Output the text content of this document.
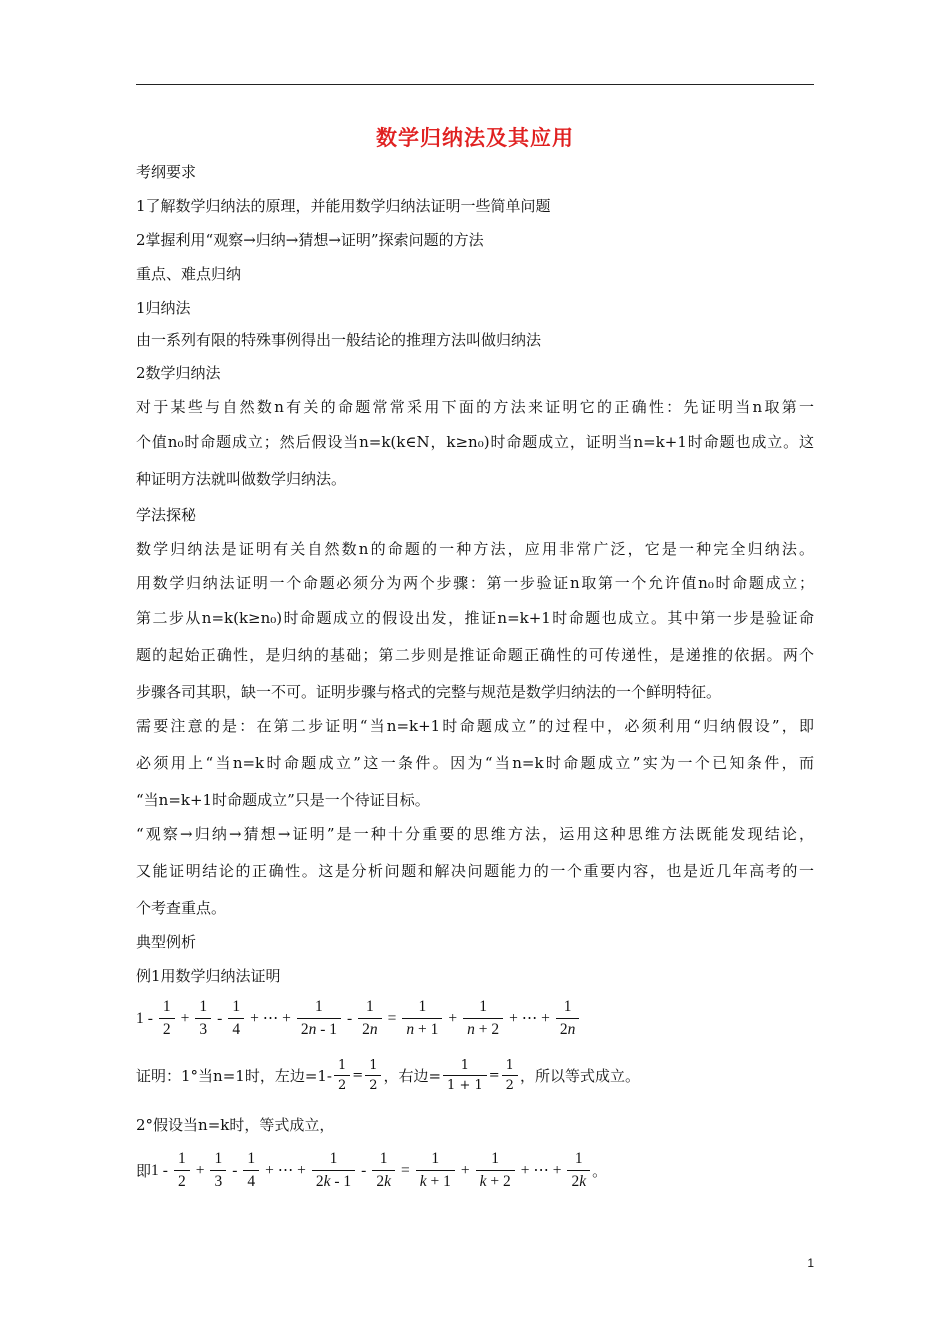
数学归纳法及其应用
考纲要求
1了解数学归纳法的原理，并能用数学归纳法证明一些简单问题
2掌握利用“观察→归纳→猜想→证明”探索问题的方法
重点、难点归纳
1归纳法
由一系列有限的特殊事例得出一般结论的推理方法叫做归纳法
2数学归纳法
对于某些与自然数n有关的命题常常采用下面的方法来证明它的正确性：先证明当n取第一
个值n₀时命题成立；然后假设当n=k(k∈N，k≥n₀)时命题成立，证明当n=k+1时命题也成立。这
种证明方法就叫做数学归纳法。
学法探秘
数学归纳法是证明有关自然数n的命题的一种方法，应用非常广泛，它是一种完全归纳法。
用数学归纳法证明一个命题必须分为两个步骤：第一步验证n取第一个允许值n₀时命题成立；
第二步从n=k(k≥n₀)时命题成立的假设出发，推证n=k+1时命题也成立。其中第一步是验证命
题的起始正确性，是归纳的基础；第二步则是推证命题正确性的可传递性，是递推的依据。两个
步骤各司其职，缺一不可。证明步骤与格式的完整与规范是数学归纳法的一个鲜明特征。
需要注意的是：在第二步证明“当n=k+1时命题成立”的过程中，必须利用“归纳假设”，即
必须用上“当n=k时命题成立”这一条件。因为“当n=k时命题成立”实为一个已知条件，而
“当n=k+1时命题成立”只是一个待证目标。
“观察→归纳→猜想→证明”是一种十分重要的思维方法，运用这种思维方法既能发现结论，
又能证明结论的正确性。这是分析问题和解决问题能力的一个重要内容，也是近几年高考的一
个考查重点。
典型例析
例1用数学归纳法证明
$1 - \frac{1}{2} + \frac{1}{3} - \frac{1}{4}$ + ⋯ + $\frac{1}{2n - 1} - \frac{1}{2n} = \frac{1}{n + 1} + \frac{1}{n + 2}$ + ⋯ + $\frac{1}{2n}$
证明：1°当n=1时，左边$=1- \frac{1}{2} = \frac{1}{2}$ ，右边= $\frac{1}{1 + 1} = \frac{1}{2}$ ，所以等式成立。
2°假设当n=k时，等式成立，
即 $1 - \frac{1}{2} + \frac{1}{3} - \frac{1}{4}$ + ⋯ + $\frac{1}{2k - 1} - \frac{1}{2k} = \frac{1}{k + 1} + \frac{1}{k + 2}$ + ⋯ + $\frac{1}{2k}$ 。
1
